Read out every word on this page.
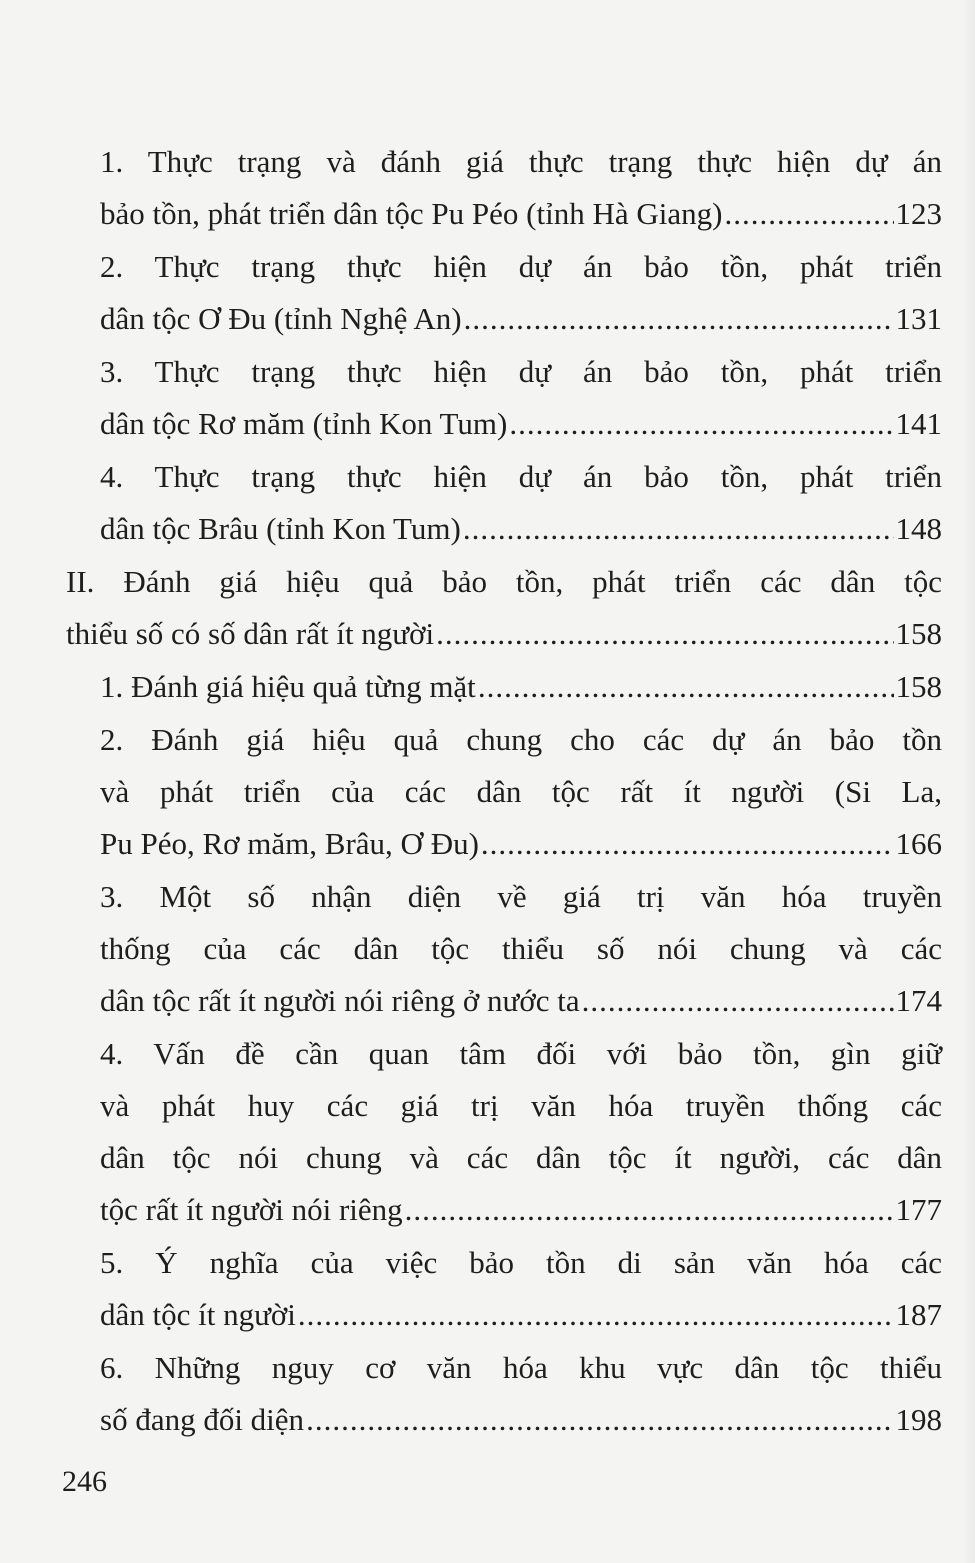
1. Thực trạng và đánh giá thực trạng thực hiện dự án
bảo tồn, phát triển dân tộc Pu Péo (tỉnh Hà Giang) .....	123
2. Thực trạng thực hiện dự án bảo tồn, phát triển
dân tộc Ơ Đu (tỉnh Nghệ An) .....	131
3. Thực trạng thực hiện dự án bảo tồn, phát triển
dân tộc Rơ măm (tỉnh Kon Tum) .....	141
4. Thực trạng thực hiện dự án bảo tồn, phát triển
dân tộc Brâu (tỉnh Kon Tum) .....	148
II. Đánh giá hiệu quả bảo tồn, phát triển các dân tộc
thiểu số có số dân rất ít người .....	158
1. Đánh giá hiệu quả từng mặt .....	158
2. Đánh giá hiệu quả chung cho các dự án bảo tồn
và phát triển của các dân tộc rất ít người (Si La,
Pu Péo, Rơ măm, Brâu, Ơ Đu) .....	166
3. Một số nhận diện về giá trị văn hóa truyền
thống của các dân tộc thiểu số nói chung và các
dân tộc rất ít người nói riêng ở nước ta .....	174
4. Vấn đề cần quan tâm đối với bảo tồn, gìn giữ
và phát huy các giá trị văn hóa truyền thống các
dân tộc nói chung và các dân tộc ít người, các dân
tộc rất ít người nói riêng .....	177
5. Ý nghĩa của việc bảo tồn di sản văn hóa các
dân tộc ít người .....	187
6. Những nguy cơ văn hóa khu vực dân tộc thiểu
số đang đối diện .....	198
246
